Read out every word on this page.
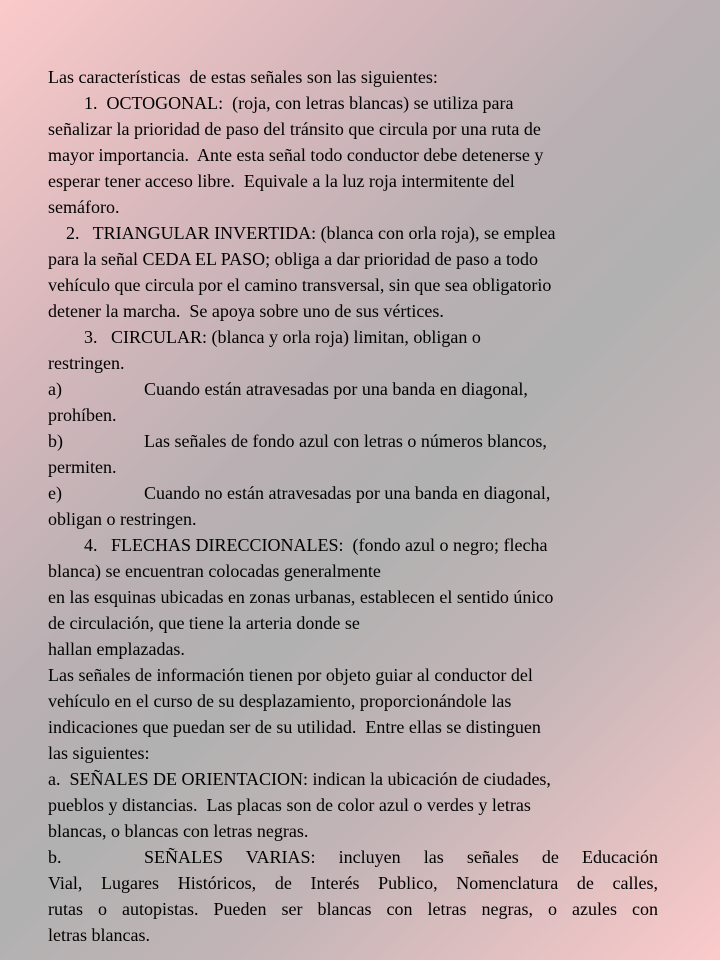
Las características  de estas señales son las siguientes:
1.  OCTOGONAL:  (roja, con letras blancas) se utiliza para
señalizar la prioridad de paso del tránsito que circula por una ruta de
mayor importancia.  Ante esta señal todo conductor debe detenerse y
esperar tener acceso libre.  Equivale a la luz roja intermitente del
semáforo.
2.   TRIANGULAR INVERTIDA: (blanca con orla roja), se emplea
para la señal CEDA EL PASO; obliga a dar prioridad de paso a todo
vehículo que circula por el camino transversal, sin que sea obligatorio
detener la marcha.  Se apoya sobre uno de sus vértices.
3.   CIRCULAR: (blanca y orla roja) limitan, obligan o
restringen.
a)	Cuando están atravesadas por una banda en diagonal,
prohíben.
b)	Las señales de fondo azul con letras o números blancos,
permiten.
e)	Cuando no están atravesadas por una banda en diagonal,
obligan o restringen.
4.   FLECHAS DIRECCIONALES:  (fondo azul o negro; flecha
blanca) se encuentran colocadas generalmente
en las esquinas ubicadas en zonas urbanas, establecen el sentido único
de circulación, que tiene la arteria donde se
hallan emplazadas.
Las señales de información tienen por objeto guiar al conductor del
vehículo en el curso de su desplazamiento, proporcionándole las
indicaciones que puedan ser de su utilidad.  Entre ellas se distinguen
las siguientes:
a.  SEÑALES DE ORIENTACION: indican la ubicación de ciudades,
pueblos y distancias.  Las placas son de color azul o verdes y letras
blancas, o blancas con letras negras.
b.	SEÑALES VARIAS: incluyen las señales de Educación
Vial, Lugares Históricos, de Interés Publico, Nomenclatura de calles,
rutas o autopistas. Pueden ser blancas con letras negras, o azules con
letras blancas.
